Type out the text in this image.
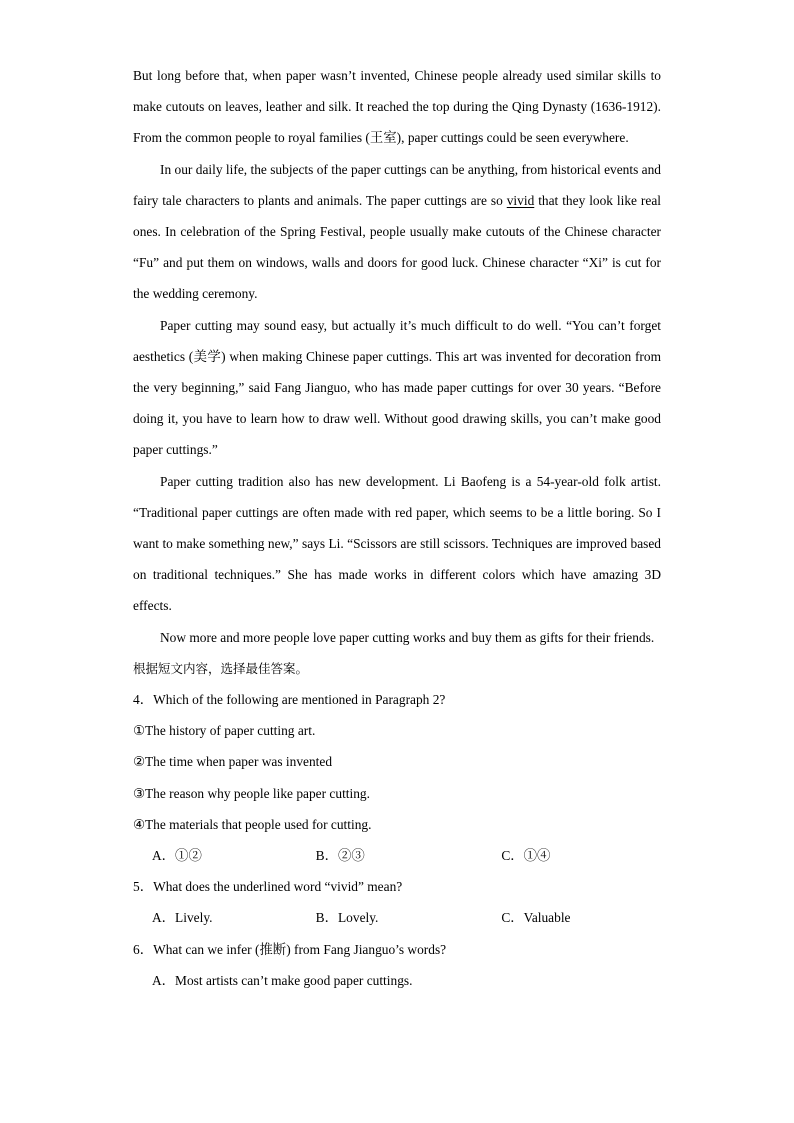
But long before that, when paper wasn’t invented, Chinese people already used similar skills to make cutouts on leaves, leather and silk. It reached the top during the Qing Dynasty (1636-1912). From the common people to royal families (王室), paper cuttings could be seen everywhere.

In our daily life, the subjects of the paper cuttings can be anything, from historical events and fairy tale characters to plants and animals. The paper cuttings are so vivid that they look like real ones. In celebration of the Spring Festival, people usually make cutouts of the Chinese character “Fu” and put them on windows, walls and doors for good luck. Chinese character “Xi” is cut for the wedding ceremony.

Paper cutting may sound easy, but actually it’s much difficult to do well. “You can’t forget aesthetics (美学) when making Chinese paper cuttings. This art was invented for decoration from the very beginning,” said Fang Jianguo, who has made paper cuttings for over 30 years. “Before doing it, you have to learn how to draw well. Without good drawing skills, you can’t make good paper cuttings.”

Paper cutting tradition also has new development. Li Baofeng is a 54-year-old folk artist. “Traditional paper cuttings are often made with red paper, which seems to be a little boring. So I want to make something new,” says Li. “Scissors are still scissors. Techniques are improved based on traditional techniques.” She has made works in different colors which have amazing 3D effects.

Now more and more people love paper cutting works and buy them as gifts for their friends.

根据短文内容，选择最佳答案。

4．Which of the following are mentioned in Paragraph 2?

①The history of paper cutting art.

②The time when paper was invented

③The reason why people like paper cutting.

④The materials that people used for cutting.

A．①②	B．②③	C．①④

5．What does the underlined word “vivid” mean?

A．Lively.	B．Lovely.	C．Valuable

6．What can we infer (推断) from Fang Jianguo’s words?

A．Most artists can’t make good paper cuttings.
